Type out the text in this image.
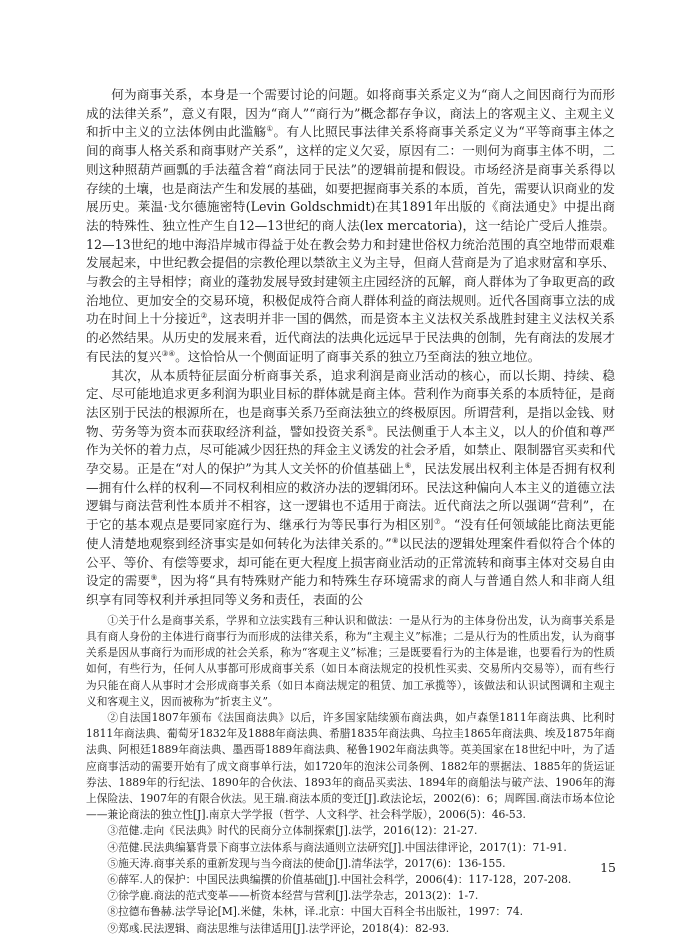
何为商事关系，本身是一个需要讨论的问题。如将商事关系定义为“商人之间因商行为而形成的法律关系”，意义有限，因为“商人”“商行为”概念都存争议，商法上的客观主义、主观主义和折中主义的立法体例由此滥觞①。有人比照民事法律关系将商事关系定义为“平等商事主体之间的商事人格关系和商事财产关系”，这样的定义欠妥，原因有二：一则何为商事主体不明，二则这种照葫芦画瓢的手法蕴含着“商法同于民法”的逻辑前提和假设。市场经济是商事关系得以存续的土壤，也是商法产生和发展的基础，如要把握商事关系的本质，首先，需要认识商业的发展历史。莱温·戈尔德施密特(Levin Goldschmidt)在其1891年出版的《商法通史》中提出商法的特殊性、独立性产生自12—13世纪的商人法(lex mercatoria)，这一结论广受后人推崇。12—13世纪的地中海沿岸城市得益于处在教会势力和封建世俗权力统治范围的真空地带而艰难发展起来，中世纪教会提倡的宗教伦理以禁欲主义为主导，但商人营商是为了追求财富和享乐、与教会的主导相悖；商业的蓬勃发展导致封建领主庄园经济的瓦解，商人群体为了争取更高的政治地位、更加安全的交易环境，积极促成符合商人群体利益的商法规则。近代各国商事立法的成功在时间上十分接近②，这表明并非一国的偶然，而是资本主义法权关系战胜封建主义法权关系的必然结果。从历史的发展来看，近代商法的法典化远远早于民法典的创制，先有商法的发展才有民法的复兴③④。这恰恰从一个侧面证明了商事关系的独立乃至商法的独立地位。

其次，从本质特征层面分析商事关系，追求利润是商业活动的核心，而以长期、持续、稳定、尽可能地追求更多利润为职业目标的群体就是商主体。营利作为商事关系的本质特征，是商法区别于民法的根源所在，也是商事关系乃至商法独立的终极原因。所谓营利，是指以金钱、财物、劳务等为资本而获取经济利益，譬如投资关系⑤。民法侧重于人本主义，以人的价值和尊严作为关怀的着力点，尽可能减少因狂热的拜金主义诱发的社会矛盾，如禁止、限制器官买卖和代孕交易。正是在“对人的保护”为其人文关怀的价值基础上⑥，民法发展出权利主体是否拥有权利—拥有什么样的权利—不同权利相应的救济办法的逻辑闭环。民法这种偏向人本主义的道德立法逻辑与商法营利性本质并不相容，这一逻辑也不适用于商法。近代商法之所以强调“营利”，在于它的基本观点是要同家庭行为、继承行为等民事行为相区别⑦。“没有任何领域能比商法更能使人清楚地观察到经济事实是如何转化为法律关系的。”⑧以民法的逻辑处理案件看似符合个体的公平、等价、有偿等要求，却可能在更大程度上损害商业活动的正常流转和商事主体对交易自由设定的需要⑨，因为将“具有特殊财产能力和特殊生存环境需求的商人与普通自然人和非商人组织享有同等权利并承担同等义务和责任，表面的公

①关于什么是商事关系，学界和立法实践有三种认识和做法：一是从行为的主体身份出发，认为商事关系是具有商人身份的主体进行商事行为而形成的法律关系，称为“主观主义”标准；二是从行为的性质出发，认为商事关系是因从事商行为而形成的社会关系，称为“客观主义”标准；三是既要看行为的主体是谁，也要看行为的性质如何，有些行为，任何人从事都可形成商事关系（如日本商法规定的投机性买卖、交易所内交易等），而有些行为只能在商人从事时才会形成商事关系（如日本商法规定的租赁、加工承揽等），该做法和认识试图调和主观主义和客观主义，因而被称为“折衷主义”。

②自法国1807年颁布《法国商法典》以后，许多国家陆续颁布商法典，如卢森堡1811年商法典、比利时1811年商法典、葡萄牙1832年及1888年商法典、希腊1835年商法典、乌拉圭1865年商法典、埃及1875年商法典、阿根廷1889年商法典、墨西哥1889年商法典、秘鲁1902年商法典等。英美国家在18世纪中叶，为了适应商事活动的需要开始有了成文商事单行法，如1720年的泡沫公司条例、1882年的票据法、1885年的货运证券法、1889年的行纪法、1890年的合伙法、1893年的商品买卖法、1894年的商船法与破产法、1906年的海上保险法、1907年的有限合伙法。见王瑞.商法本质的变迁[J].政法论坛，2002(6)：6；周晖国.商法市场本位论——兼论商法的独立性[J].南京大学学报（哲学、人文科学、社会科学版），2006(5)：46-53.

③范健.走向《民法典》时代的民商分立体制探索[J].法学，2016(12)：21-27.

④范健.民法典编纂背景下商事立法体系与商法通则立法研究[J].中国法律评论，2017(1)：71-91.

⑤施天涛.商事关系的重新发现与当今商法的使命[J].清华法学，2017(6)：136-155.

⑥薛军.人的保护：中国民法典编撰的价值基础[J].中国社会科学，2006(4)：117-128，207-208.

⑦徐学鹿.商法的范式变革——析资本经营与营利[J].法学杂志，2013(2)：1-7.

⑧拉德布鲁赫.法学导论[M].米健，朱林，译.北京：中国大百科全书出版社，1997：74.

⑨郑彧.民法逻辑、商法思维与法律适用[J].法学评论，2018(4)：82-93.

15
